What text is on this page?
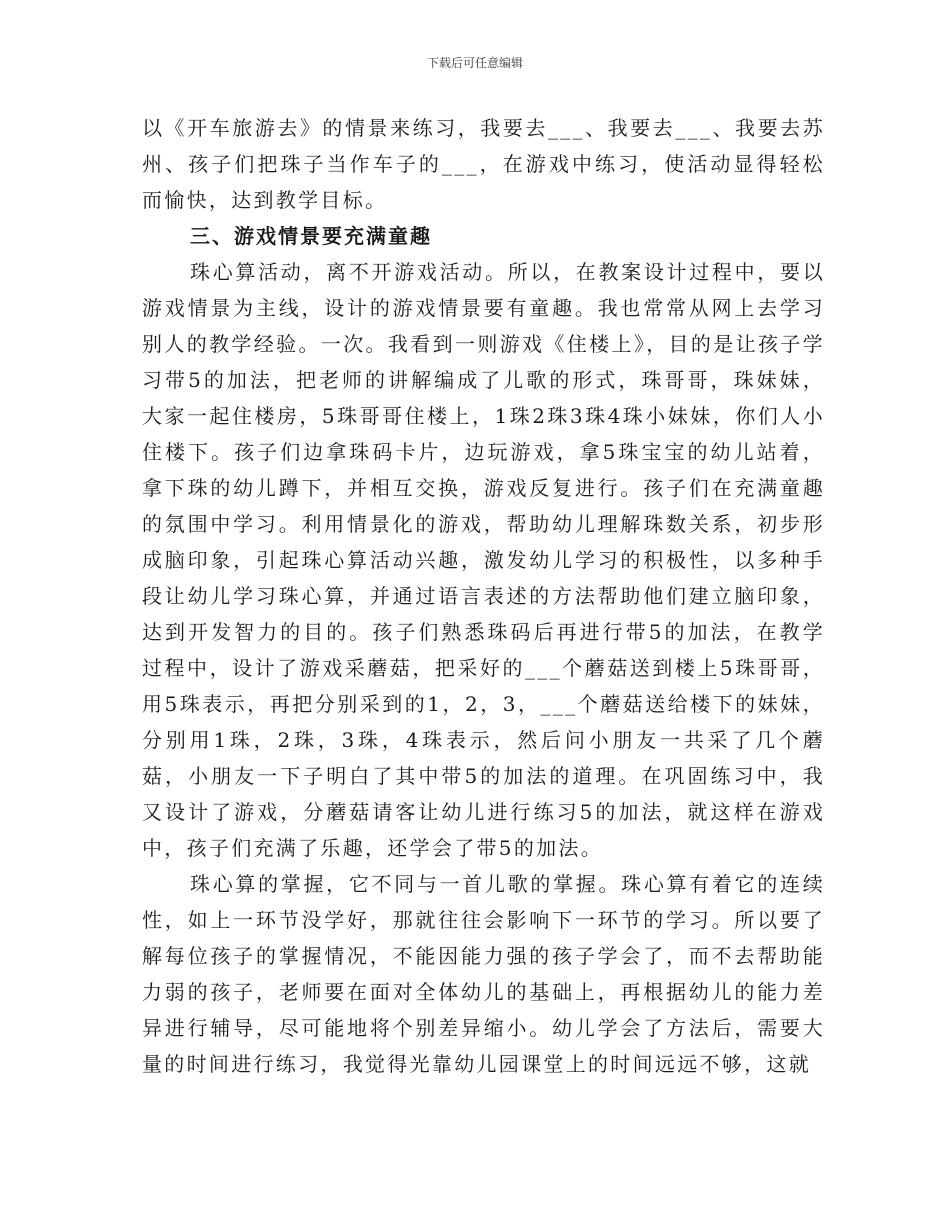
下载后可任意编辑

以《开车旅游去》的情景来练习，我要去___、我要去___、我要去苏州、孩子们把珠子当作车子的___，在游戏中练习，使活动显得轻松而愉快，达到教学目标。

三、游戏情景要充满童趣

珠心算活动，离不开游戏活动。所以，在教案设计过程中，要以游戏情景为主线，设计的游戏情景要有童趣。我也常常从网上去学习别人的教学经验。一次。我看到一则游戏《住楼上》，目的是让孩子学习带5的加法，把老师的讲解编成了儿歌的形式，珠哥哥，珠妹妹，大家一起住楼房，5珠哥哥住楼上，1珠2珠3珠4珠小妹妹，你们人小住楼下。孩子们边拿珠码卡片，边玩游戏，拿5珠宝宝的幼儿站着，拿下珠的幼儿蹲下，并相互交换，游戏反复进行。孩子们在充满童趣的氛围中学习。利用情景化的游戏，帮助幼儿理解珠数关系，初步形成脑印象，引起珠心算活动兴趣，激发幼儿学习的积极性，以多种手段让幼儿学习珠心算，并通过语言表述的方法帮助他们建立脑印象，达到开发智力的目的。孩子们熟悉珠码后再进行带5的加法，在教学过程中，设计了游戏采蘑菇，把采好的___个蘑菇送到楼上5珠哥哥，用5珠表示，再把分别采到的1，2，3，___个蘑菇送给楼下的妹妹，分别用1珠，2珠，3珠，4珠表示，然后问小朋友一共采了几个蘑菇，小朋友一下子明白了其中带5的加法的道理。在巩固练习中，我又设计了游戏，分蘑菇请客让幼儿进行练习5的加法，就这样在游戏中，孩子们充满了乐趣，还学会了带5的加法。

珠心算的掌握，它不同与一首儿歌的掌握。珠心算有着它的连续性，如上一环节没学好，那就往往会影响下一环节的学习。所以要了解每位孩子的掌握情况，不能因能力强的孩子学会了，而不去帮助能力弱的孩子，老师要在面对全体幼儿的基础上，再根据幼儿的能力差异进行辅导，尽可能地将个别差异缩小。幼儿学会了方法后，需要大量的时间进行练习，我觉得光靠幼儿园课堂上的时间远远不够，这就
